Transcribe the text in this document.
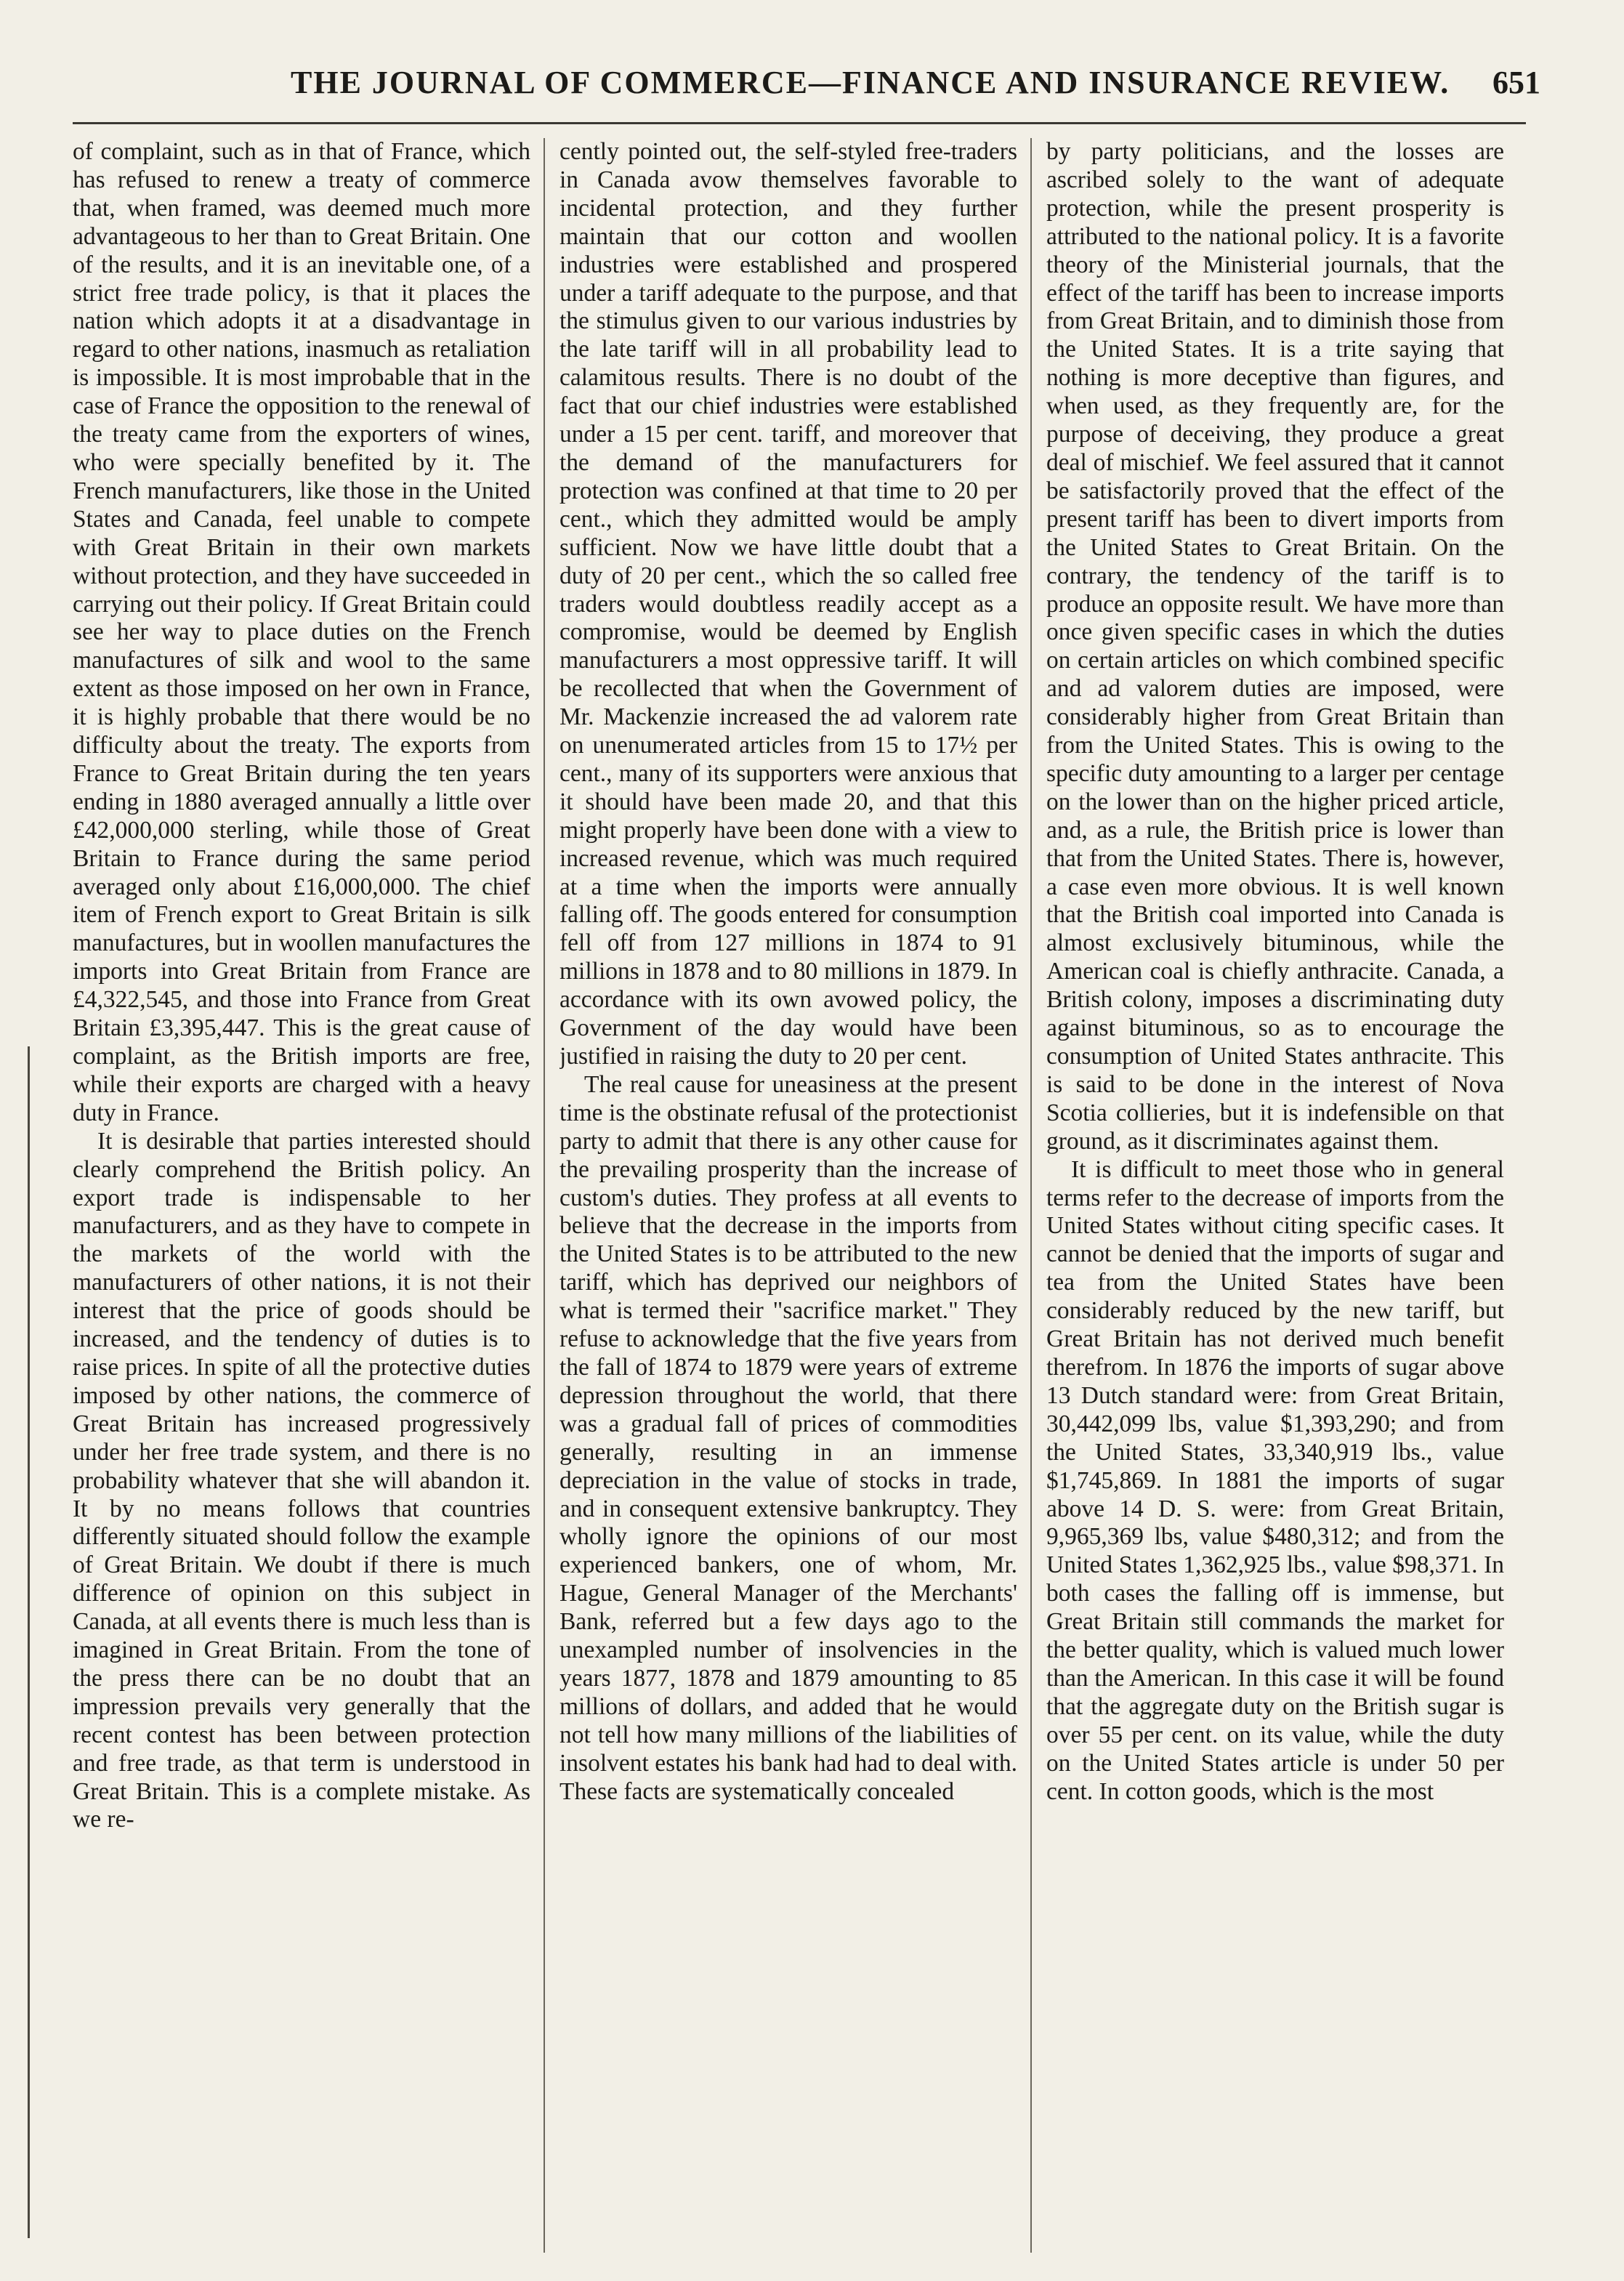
THE JOURNAL OF COMMERCE—FINANCE AND INSURANCE REVIEW. 651

of complaint, such as in that of France, which has refused to renew a treaty of commerce that, when framed, was deemed much more advantageous to her than to Great Britain. One of the results, and it is an inevitable one, of a strict free trade policy, is that it places the nation which adopts it at a disadvantage in regard to other nations, inasmuch as retaliation is impossible. It is most improbable that in the case of France the opposition to the renewal of the treaty came from the exporters of wines, who were specially benefited by it. The French manufacturers, like those in the United States and Canada, feel unable to compete with Great Britain in their own markets without protection, and they have succeeded in carrying out their policy. If Great Britain could see her way to place duties on the French manufactures of silk and wool to the same extent as those imposed on her own in France, it is highly probable that there would be no difficulty about the treaty. The exports from France to Great Britain during the ten years ending in 1880 averaged annually a little over £42,000,000 sterling, while those of Great Britain to France during the same period averaged only about £16,000,000. The chief item of French export to Great Britain is silk manufactures, but in woollen manufactures the imports into Great Britain from France are £4,322,545, and those into France from Great Britain £3,395,447. This is the great cause of complaint, as the British imports are free, while their exports are charged with a heavy duty in France.

It is desirable that parties interested should clearly comprehend the British policy. An export trade is indispensable to her manufacturers, and as they have to compete in the markets of the world with the manufacturers of other nations, it is not their interest that the price of goods should be increased, and the tendency of duties is to raise prices. In spite of all the protective duties imposed by other nations, the commerce of Great Britain has increased progressively under her free trade system, and there is no probability whatever that she will abandon it. It by no means follows that countries differently situated should follow the example of Great Britain. We doubt if there is much difference of opinion on this subject in Canada, at all events there is much less than is imagined in Great Britain. From the tone of the press there can be no doubt that an impression prevails very generally that the recent contest has been between protection and free trade, as that term is understood in Great Britain. This is a complete mistake. As we re-

cently pointed out, the self-styled free-traders in Canada avow themselves favorable to incidental protection, and they further maintain that our cotton and woollen industries were established and prospered under a tariff adequate to the purpose, and that the stimulus given to our various industries by the late tariff will in all probability lead to calamitous results. There is no doubt of the fact that our chief industries were established under a 15 per cent. tariff, and moreover that the demand of the manufacturers for protection was confined at that time to 20 per cent., which they admitted would be amply sufficient. Now we have little doubt that a duty of 20 per cent., which the so called free traders would doubtless readily accept as a compromise, would be deemed by English manufacturers a most oppressive tariff. It will be recollected that when the Government of Mr. Mackenzie increased the ad valorem rate on unenumerated articles from 15 to 17½ per cent., many of its supporters were anxious that it should have been made 20, and that this might properly have been done with a view to increased revenue, which was much required at a time when the imports were annually falling off. The goods entered for consumption fell off from 127 millions in 1874 to 91 millions in 1878 and to 80 millions in 1879. In accordance with its own avowed policy, the Government of the day would have been justified in raising the duty to 20 per cent.

The real cause for uneasiness at the present time is the obstinate refusal of the protectionist party to admit that there is any other cause for the prevailing prosperity than the increase of custom's duties. They profess at all events to believe that the decrease in the imports from the United States is to be attributed to the new tariff, which has deprived our neighbors of what is termed their "sacrifice market." They refuse to acknowledge that the five years from the fall of 1874 to 1879 were years of extreme depression throughout the world, that there was a gradual fall of prices of commodities generally, resulting in an immense depreciation in the value of stocks in trade, and in consequent extensive bankruptcy. They wholly ignore the opinions of our most experienced bankers, one of whom, Mr. Hague, General Manager of the Merchants' Bank, referred but a few days ago to the unexampled number of insolvencies in the years 1877, 1878 and 1879 amounting to 85 millions of dollars, and added that he would not tell how many millions of the liabilities of insolvent estates his bank had had to deal with. These facts are systematically concealed

by party politicians, and the losses are ascribed solely to the want of adequate protection, while the present prosperity is attributed to the national policy. It is a favorite theory of the Ministerial journals, that the effect of the tariff has been to increase imports from Great Britain, and to diminish those from the United States. It is a trite saying that nothing is more deceptive than figures, and when used, as they frequently are, for the purpose of deceiving, they produce a great deal of mischief. We feel assured that it cannot be satisfactorily proved that the effect of the present tariff has been to divert imports from the United States to Great Britain. On the contrary, the tendency of the tariff is to produce an opposite result. We have more than once given specific cases in which the duties on certain articles on which combined specific and ad valorem duties are imposed, were considerably higher from Great Britain than from the United States. This is owing to the specific duty amounting to a larger per centage on the lower than on the higher priced article, and, as a rule, the British price is lower than that from the United States. There is, however, a case even more obvious. It is well known that the British coal imported into Canada is almost exclusively bituminous, while the American coal is chiefly anthracite. Canada, a British colony, imposes a discriminating duty against bituminous, so as to encourage the consumption of United States anthracite. This is said to be done in the interest of Nova Scotia collieries, but it is indefensible on that ground, as it discriminates against them.

It is difficult to meet those who in general terms refer to the decrease of imports from the United States without citing specific cases. It cannot be denied that the imports of sugar and tea from the United States have been considerably reduced by the new tariff, but Great Britain has not derived much benefit therefrom. In 1876 the imports of sugar above 13 Dutch standard were: from Great Britain, 30,442,099 lbs, value $1,393,290; and from the United States, 33,340,919 lbs., value $1,745,869. In 1881 the imports of sugar above 14 D. S. were: from Great Britain, 9,965,369 lbs, value $480,312; and from the United States 1,362,925 lbs., value $98,371. In both cases the falling off is immense, but Great Britain still commands the market for the better quality, which is valued much lower than the American. In this case it will be found that the aggregate duty on the British sugar is over 55 per cent. on its value, while the duty on the United States article is under 50 per cent. In cotton goods, which is the most
